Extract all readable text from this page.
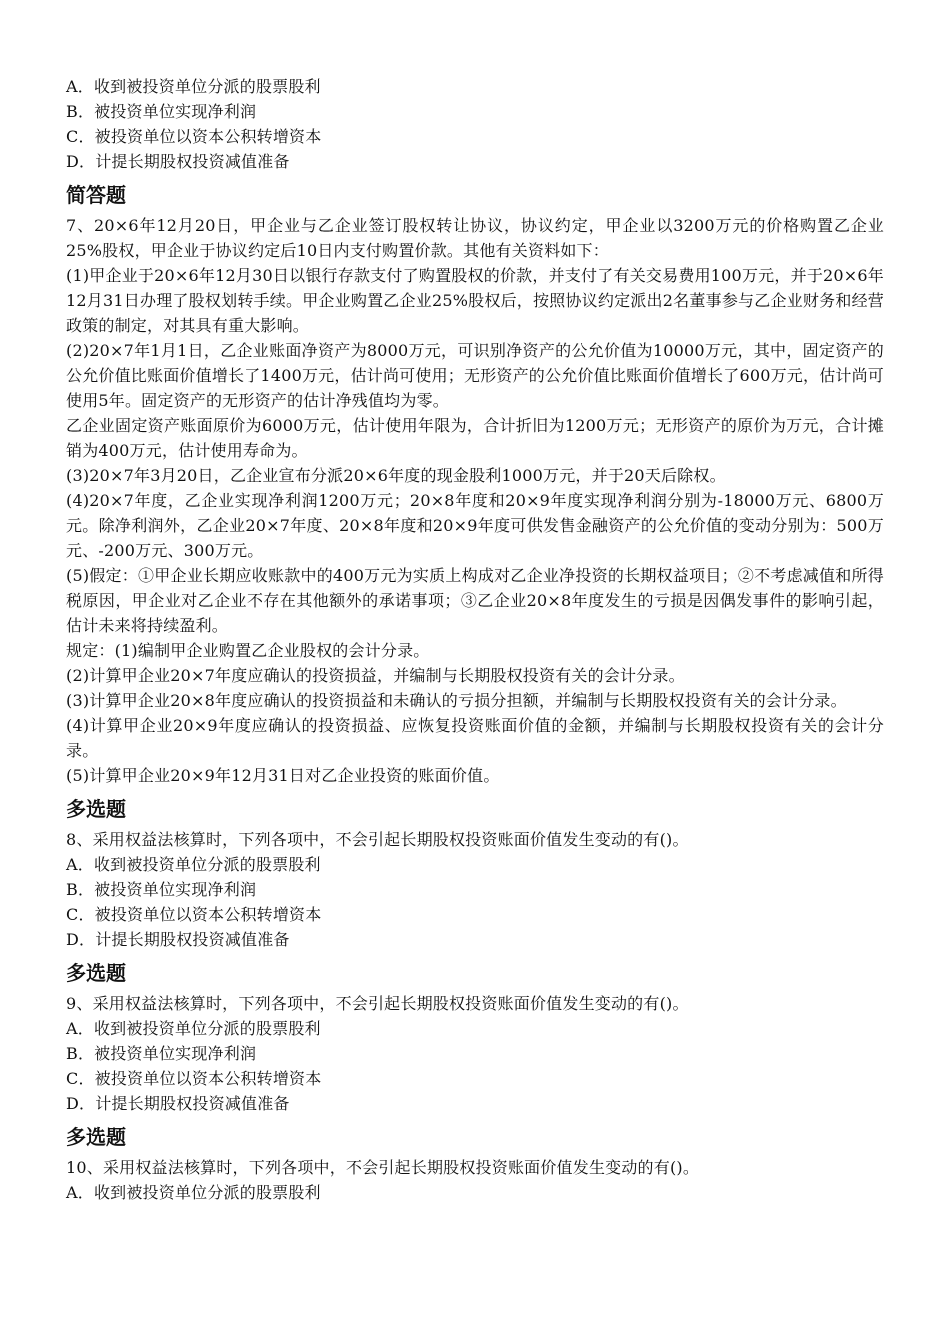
A．收到被投资单位分派的股票股利
B．被投资单位实现净利润
C．被投资单位以资本公积转增资本
D．计提长期股权投资减值准备
简答题
7、20×6年12月20日，甲企业与乙企业签订股权转让协议，协议约定，甲企业以3200万元的价格购置乙企业25%股权，甲企业于协议约定后10日内支付购置价款。其他有关资料如下：
(1)甲企业于20×6年12月30日以银行存款支付了购置股权的价款，并支付了有关交易费用100万元，并于20×6年12月31日办理了股权划转手续。甲企业购置乙企业25%股权后，按照协议约定派出2名董事参与乙企业财务和经营政策的制定，对其具有重大影响。
(2)20×7年1月1日，乙企业账面净资产为8000万元，可识别净资产的公允价值为10000万元，其中，固定资产的公允价值比账面价值增长了1400万元，估计尚可使用；无形资产的公允价值比账面价值增长了600万元，估计尚可使用5年。固定资产的无形资产的估计净残值均为零。
乙企业固定资产账面原价为6000万元，估计使用年限为，合计折旧为1200万元；无形资产的原价为万元，合计摊销为400万元，估计使用寿命为。
(3)20×7年3月20日，乙企业宣布分派20×6年度的现金股利1000万元，并于20天后除权。
(4)20×7年度，乙企业实现净利润1200万元；20×8年度和20×9年度实现净利润分别为-18000万元、6800万元。除净利润外，乙企业20×7年度、20×8年度和20×9年度可供发售金融资产的公允价值的变动分别为：500万元、-200万元、300万元。
(5)假定：①甲企业长期应收账款中的400万元为实质上构成对乙企业净投资的长期权益项目；②不考虑减值和所得税原因，甲企业对乙企业不存在其他额外的承诺事项；③乙企业20×8年度发生的亏损是因偶发事件的影响引起，估计未来将持续盈利。
规定：(1)编制甲企业购置乙企业股权的会计分录。
(2)计算甲企业20×7年度应确认的投资损益，并编制与长期股权投资有关的会计分录。
(3)计算甲企业20×8年度应确认的投资损益和未确认的亏损分担额，并编制与长期股权投资有关的会计分录。
(4)计算甲企业20×9年度应确认的投资损益、应恢复投资账面价值的金额，并编制与长期股权投资有关的会计分录。
(5)计算甲企业20×9年12月31日对乙企业投资的账面价值。
多选题
8、采用权益法核算时，下列各项中，不会引起长期股权投资账面价值发生变动的有()。
A．收到被投资单位分派的股票股利
B．被投资单位实现净利润
C．被投资单位以资本公积转增资本
D．计提长期股权投资减值准备
多选题
9、采用权益法核算时，下列各项中，不会引起长期股权投资账面价值发生变动的有()。
A．收到被投资单位分派的股票股利
B．被投资单位实现净利润
C．被投资单位以资本公积转增资本
D．计提长期股权投资减值准备
多选题
10、采用权益法核算时，下列各项中，不会引起长期股权投资账面价值发生变动的有()。
A．收到被投资单位分派的股票股利
